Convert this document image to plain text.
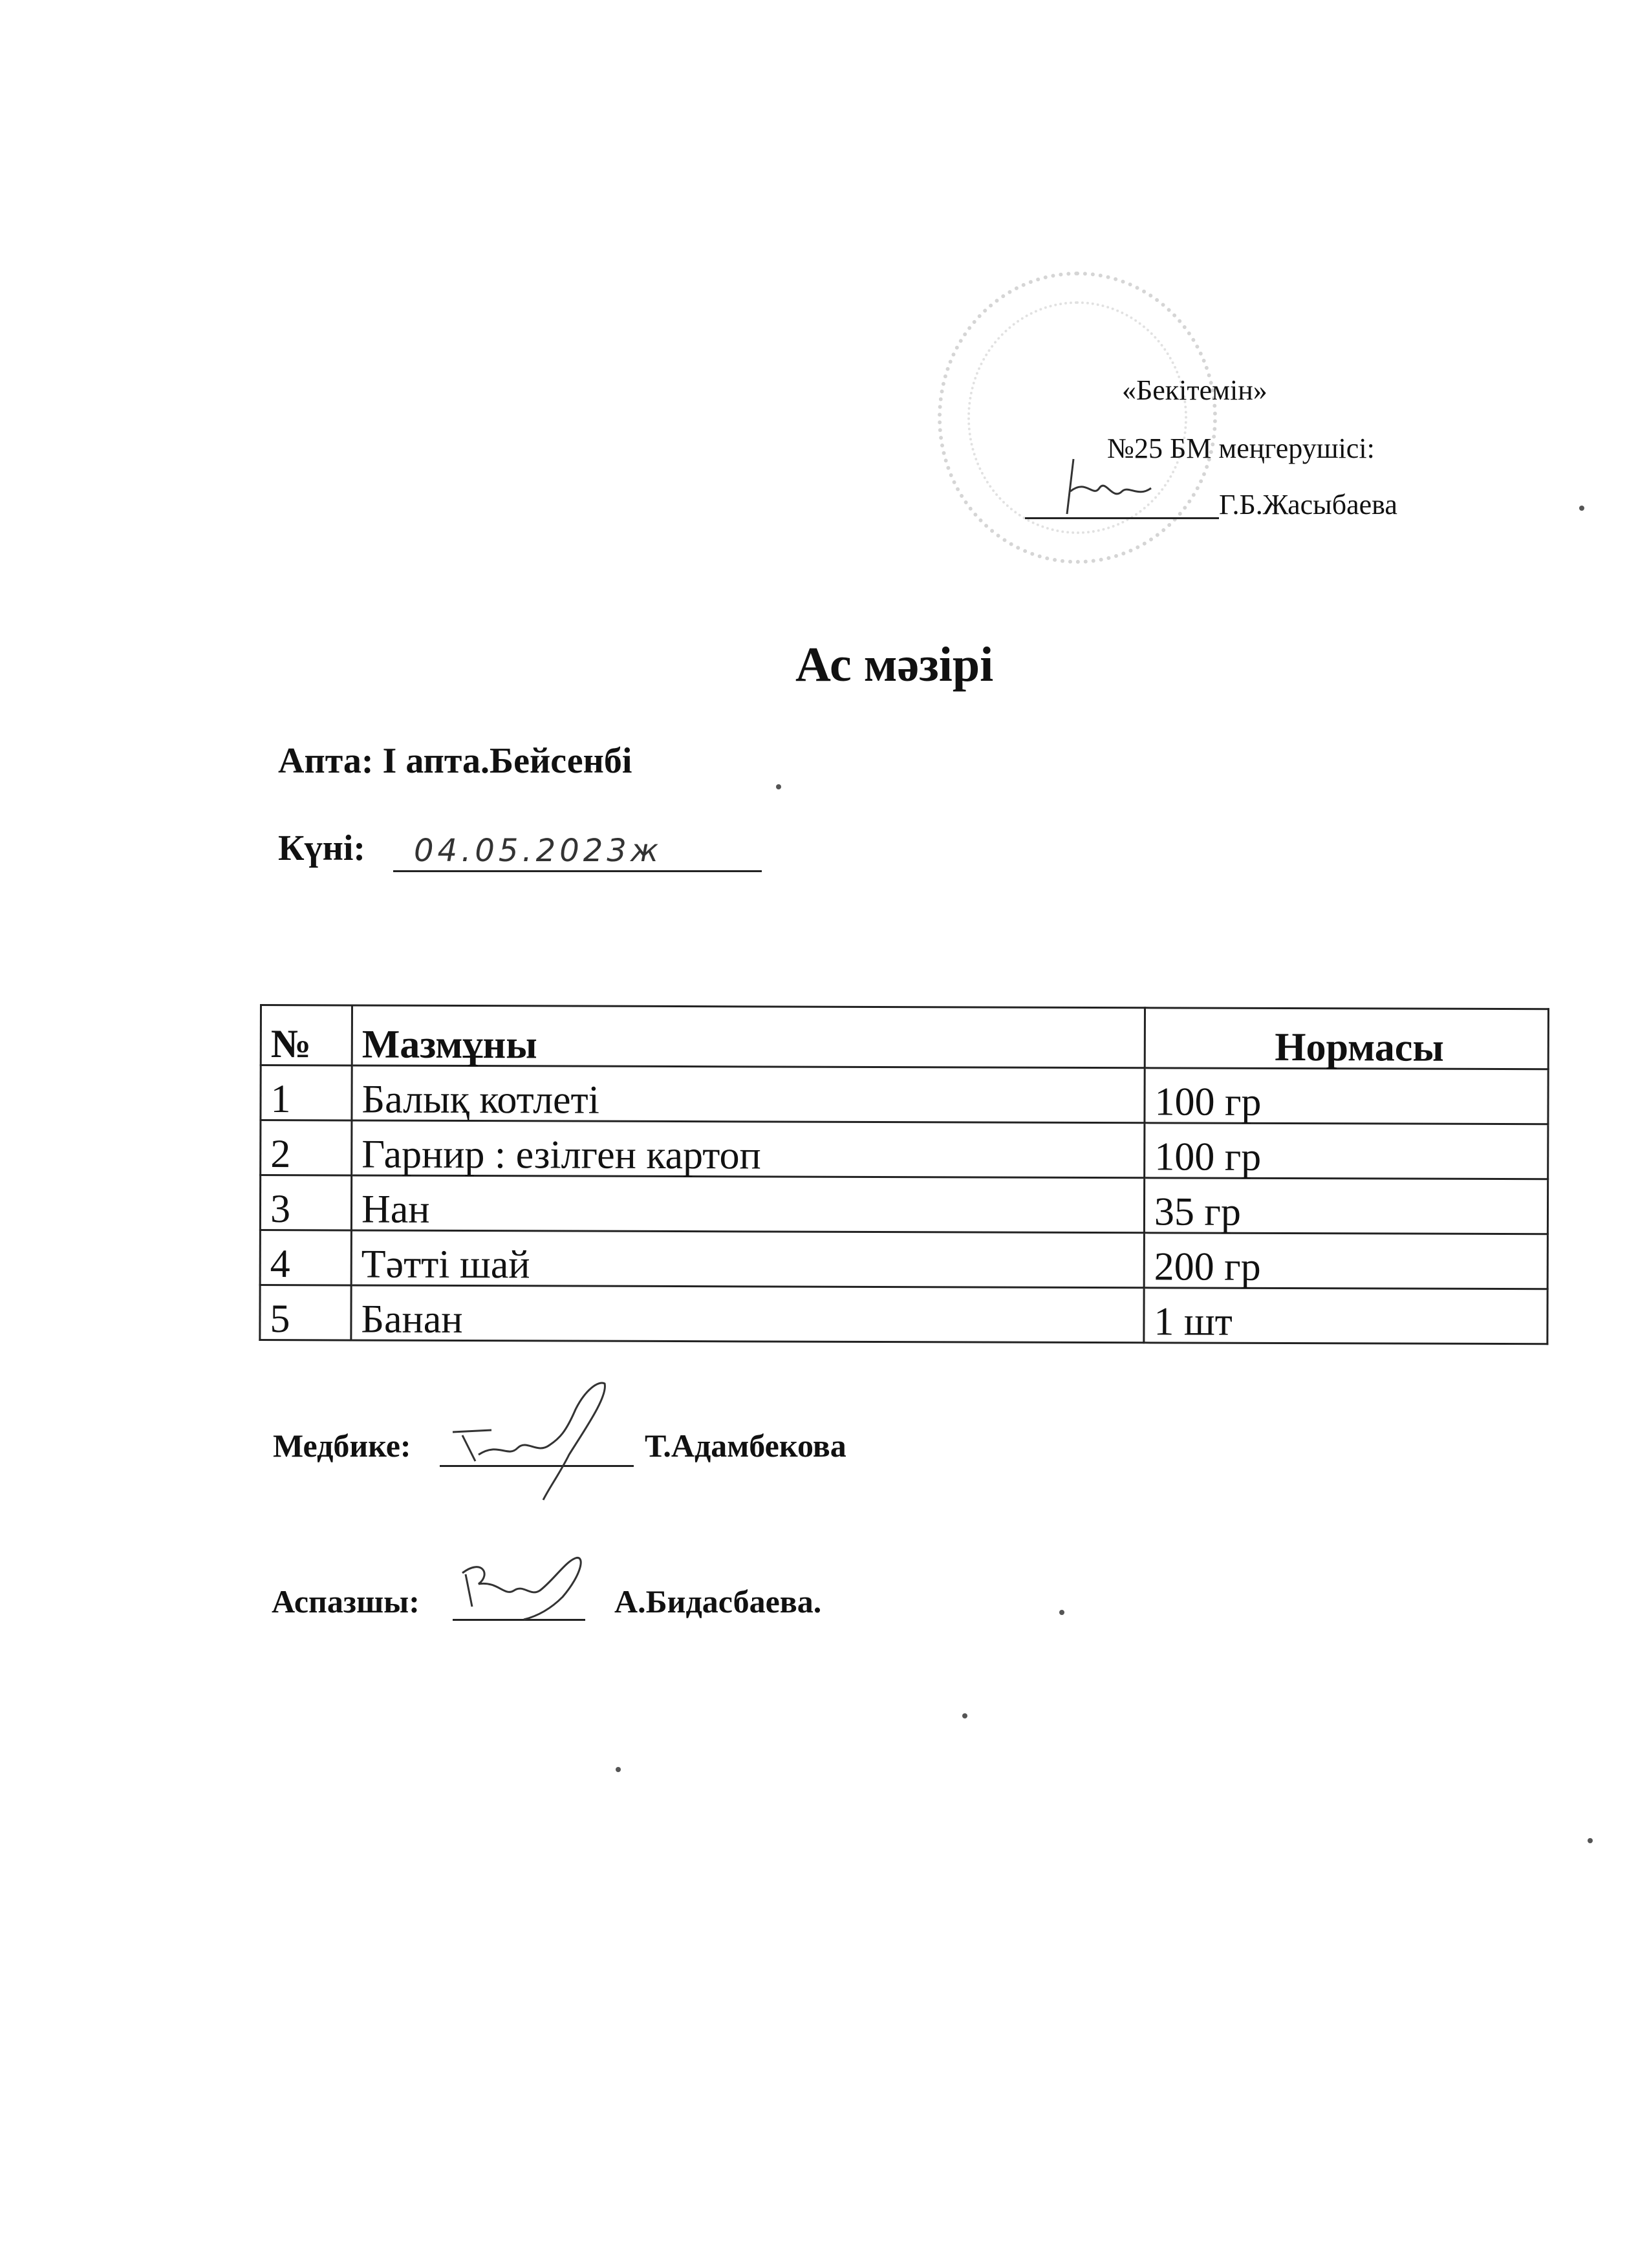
«Бекітемін»
№25 БМ меңгерушісі:
Г.Б.Жасыбаева
Ас мәзірі
Апта: І апта.Бейсенбі
Күні: 04.05.2023ж
№	Мазмұны	Нормасы
1	Балық котлеті	100 гр
2	Гарнир : езілген картоп	100 гр
3	Нан	35 гр
4	Тәтті шай	200 гр
5	Банан	1 шт
Медбике:	Т.Адамбекова
Аспазшы:	А.Бидасбаева.
